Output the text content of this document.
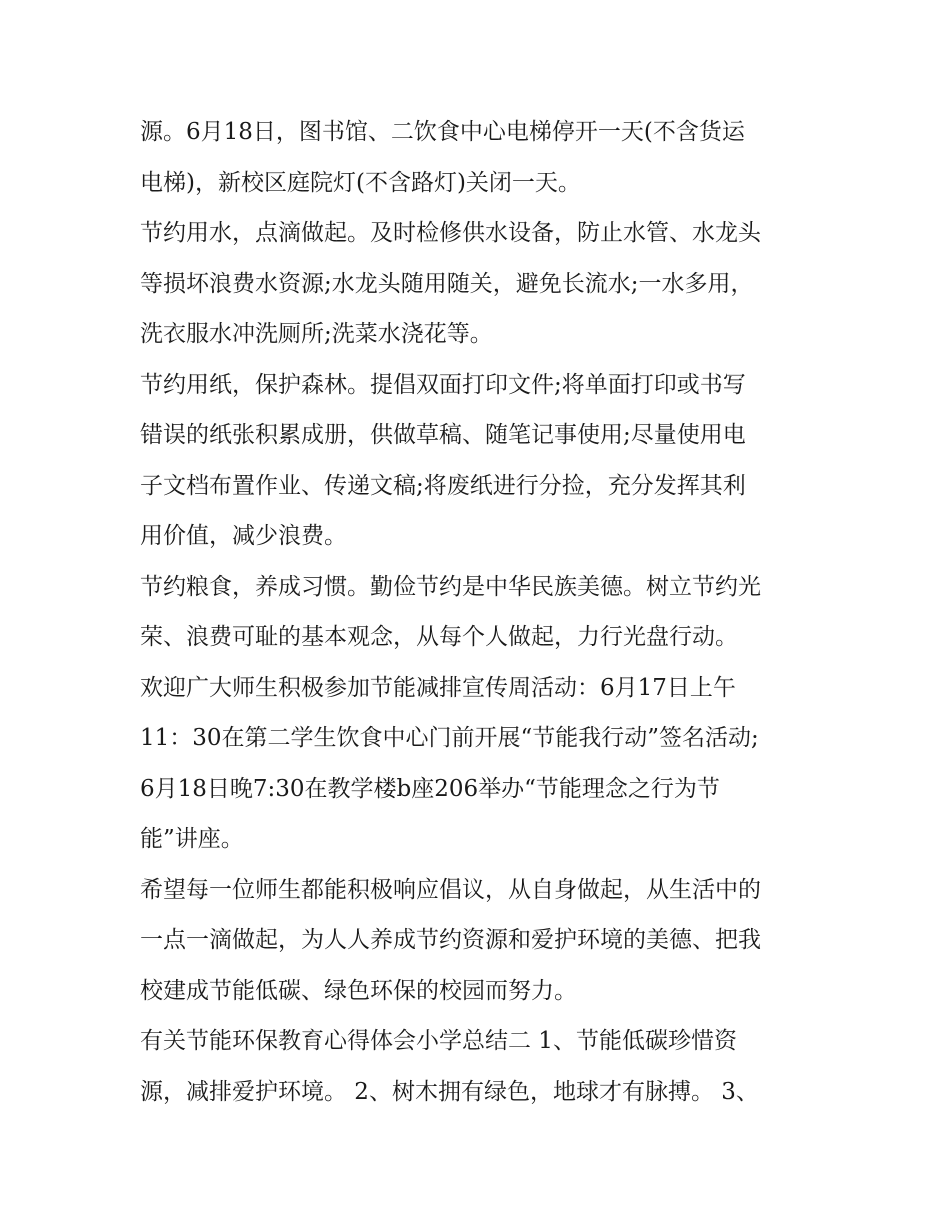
源。6月18日，图书馆、二饮食中心电梯停开一天(不含货运
电梯)，新校区庭院灯(不含路灯)关闭一天。
节约用水，点滴做起。及时检修供水设备，防止水管、水龙头
等损坏浪费水资源;水龙头随用随关，避免长流水;一水多用，
洗衣服水冲洗厕所;洗菜水浇花等。
节约用纸，保护森林。提倡双面打印文件;将单面打印或书写
错误的纸张积累成册，供做草稿、随笔记事使用;尽量使用电
子文档布置作业、传递文稿;将废纸进行分捡，充分发挥其利
用价值，减少浪费。
节约粮食，养成习惯。勤俭节约是中华民族美德。树立节约光
荣、浪费可耻的基本观念，从每个人做起，力行光盘行动。
欢迎广大师生积极参加节能减排宣传周活动：6月17日上午
11：30在第二学生饮食中心门前开展“节能我行动”签名活动;
6月18日晚7:30在教学楼b座206举办“节能理念之行为节
能”讲座。
希望每一位师生都能积极响应倡议，从自身做起，从生活中的
一点一滴做起，为人人养成节约资源和爱护环境的美德、把我
校建成节能低碳、绿色环保的校园而努力。
有关节能环保教育心得体会小学总结二 1、节能低碳珍惜资
源，减排爱护环境。 2、树木拥有绿色，地球才有脉搏。 3、
